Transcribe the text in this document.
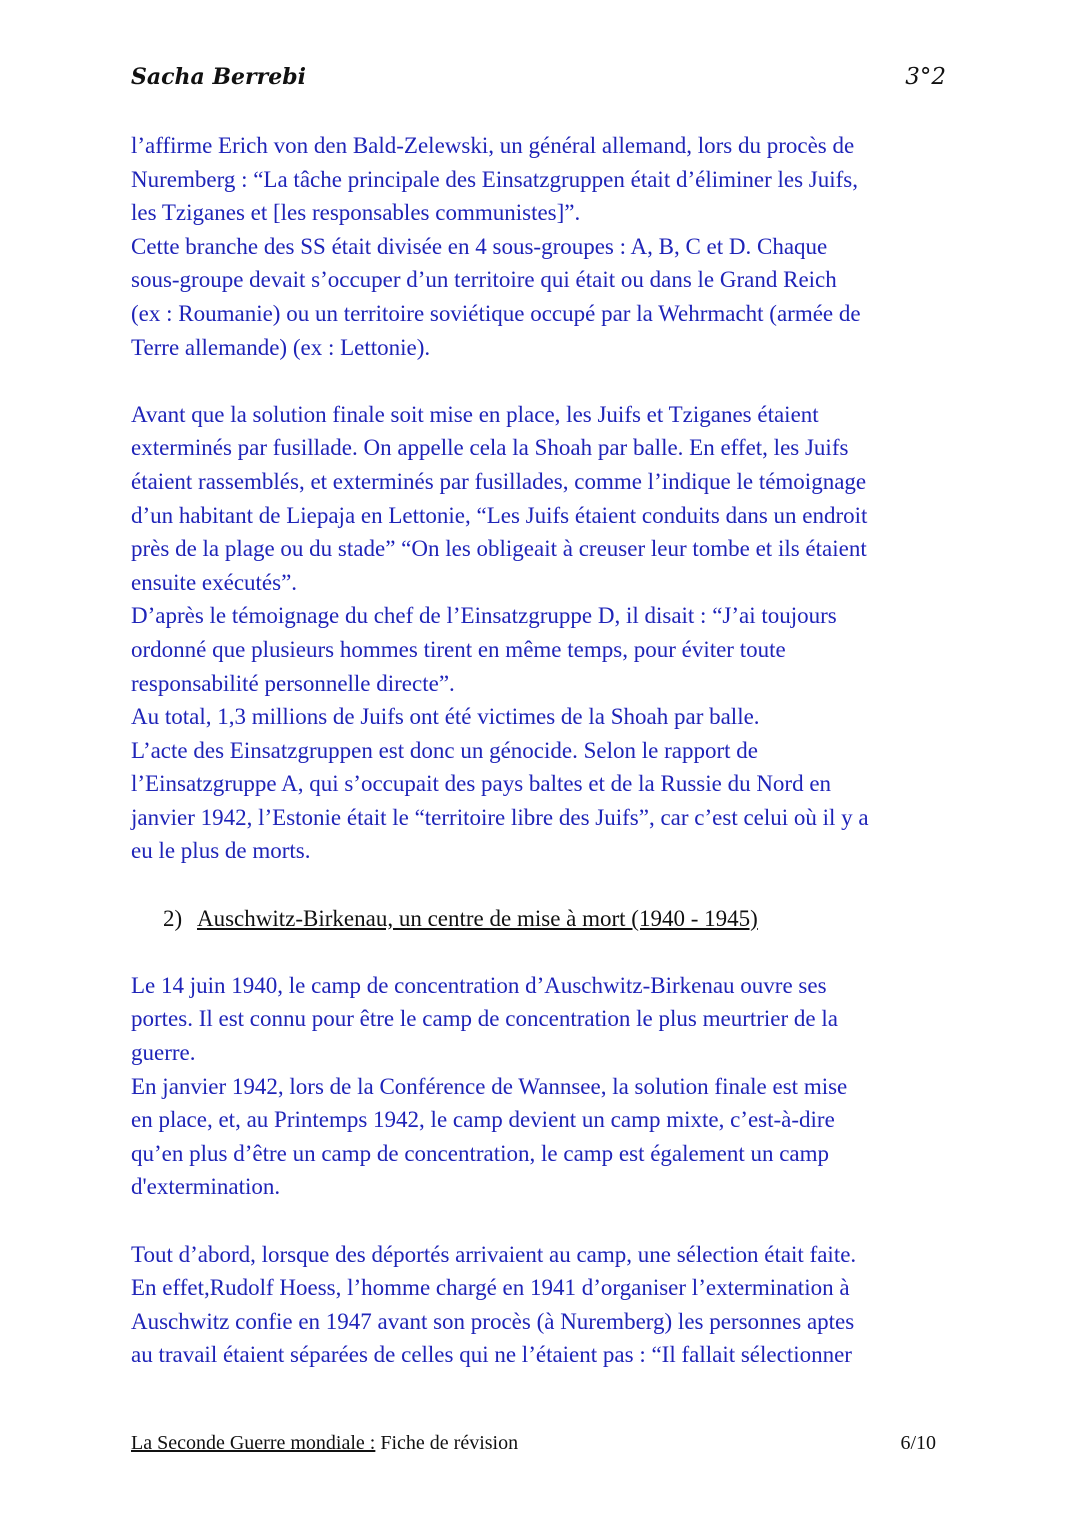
Sacha Berrebi	3°2

l’affirme Erich von den Bald-Zelewski, un général allemand, lors du procès de

Nuremberg : “La tâche principale des Einsatzgruppen était d’éliminer les Juifs,

les Tziganes et [les responsables communistes]”.

Cette branche des SS était divisée en 4 sous-groupes : A, B, C et D. Chaque

sous-groupe devait s’occuper d’un territoire qui était ou dans le Grand Reich

(ex : Roumanie) ou un territoire soviétique occupé par la Wehrmacht (armée de

Terre allemande) (ex : Lettonie).

Avant que la solution finale soit mise en place, les Juifs et Tziganes étaient

exterminés par fusillade. On appelle cela la Shoah par balle. En effet, les Juifs

étaient rassemblés, et exterminés par fusillades, comme l’indique le témoignage

d’un habitant de Liepaja en Lettonie, “Les Juifs étaient conduits dans un endroit

près de la plage ou du stade” “On les obligeait à creuser leur tombe et ils étaient

ensuite exécutés”.

D’après le témoignage du chef de l’Einsatzgruppe D, il disait : “J’ai toujours

ordonné que plusieurs hommes tirent en même temps, pour éviter toute

responsabilité personnelle directe”.

Au total, 1,3 millions de Juifs ont été victimes de la Shoah par balle.

L’acte des Einsatzgruppen est donc un génocide. Selon le rapport de

l’Einsatzgruppe A, qui s’occupait des pays baltes et de la Russie du Nord en

janvier 1942, l’Estonie était le “territoire libre des Juifs”, car c’est celui où il y a

eu le plus de morts.

2) Auschwitz-Birkenau, un centre de mise à mort (1940 - 1945)

Le 14 juin 1940, le camp de concentration d’Auschwitz-Birkenau ouvre ses

portes. Il est connu pour être le camp de concentration le plus meurtrier de la

guerre.

En janvier 1942, lors de la Conférence de Wannsee, la solution finale est mise

en place, et, au Printemps 1942, le camp devient un camp mixte, c’est-à-dire

qu’en plus d’être un camp de concentration, le camp est également un camp

d'extermination.

Tout d’abord, lorsque des déportés arrivaient au camp, une sélection était faite.

En effet,Rudolf Hoess, l’homme chargé en 1941 d’organiser l’extermination à

Auschwitz confie en 1947 avant son procès (à Nuremberg) les personnes aptes

au travail étaient séparées de celles qui ne l’étaient pas : “Il fallait sélectionner

La Seconde Guerre mondiale : Fiche de révision	6/10
